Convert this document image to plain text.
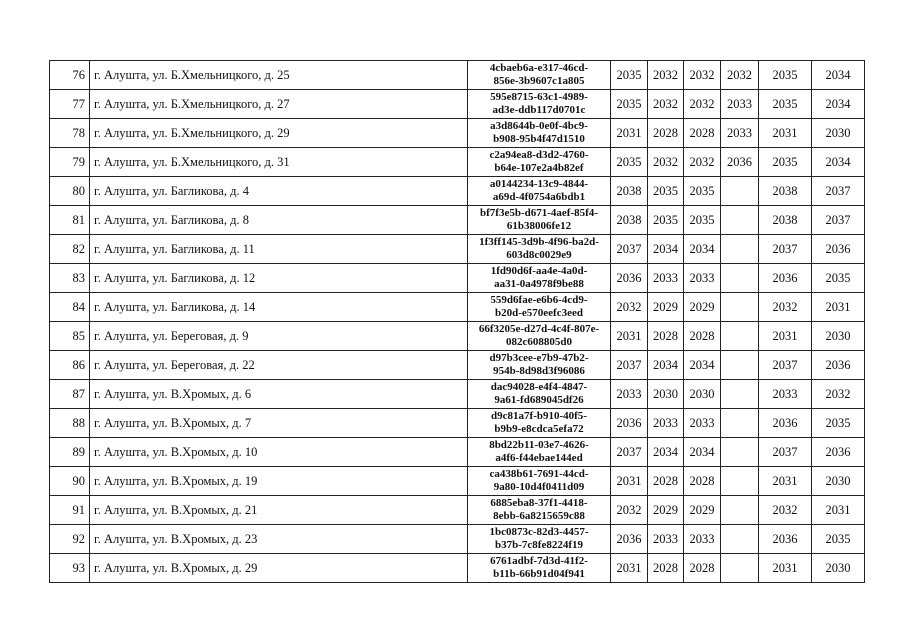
76	г. Алушта, ул. Б.Хмельницкого, д. 25	4cbaeb6a-e317-46cd-
856e-3b9607c1a805	2035	2032	2032	2032	2035	2034
77	г. Алушта, ул. Б.Хмельницкого, д. 27	595e8715-63c1-4989-
ad3e-ddb117d0701c	2035	2032	2032	2033	2035	2034
78	г. Алушта, ул. Б.Хмельницкого, д. 29	a3d8644b-0e0f-4bc9-
b908-95b4f47d1510	2031	2028	2028	2033	2031	2030
79	г. Алушта, ул. Б.Хмельницкого, д. 31	c2a94ea8-d3d2-4760-
b64e-107e2a4b82ef	2035	2032	2032	2036	2035	2034
80	г. Алушта, ул. Багликова, д. 4	a0144234-13c9-4844-
a69d-4f0754a6bdb1	2038	2035	2035		2038	2037
81	г. Алушта, ул. Багликова, д. 8	bf7f3e5b-d671-4aef-85f4-
61b38006fe12	2038	2035	2035		2038	2037
82	г. Алушта, ул. Багликова, д. 11	1f3ff145-3d9b-4f96-ba2d-
603d8c0029e9	2037	2034	2034		2037	2036
83	г. Алушта, ул. Багликова, д. 12	1fd90d6f-aa4e-4a0d-
aa31-0a4978f9be88	2036	2033	2033		2036	2035
84	г. Алушта, ул. Багликова, д. 14	559d6fae-e6b6-4cd9-
b20d-e570eefc3eed	2032	2029	2029		2032	2031
85	г. Алушта, ул. Береговая, д. 9	66f3205e-d27d-4c4f-807e-
082c608805d0	2031	2028	2028		2031	2030
86	г. Алушта, ул. Береговая, д. 22	d97b3cee-e7b9-47b2-
954b-8d98d3f96086	2037	2034	2034		2037	2036
87	г. Алушта, ул. В.Хромых, д. 6	dac94028-e4f4-4847-
9a61-fd689045df26	2033	2030	2030		2033	2032
88	г. Алушта, ул. В.Хромых, д. 7	d9c81a7f-b910-40f5-
b9b9-e8cdca5efa72	2036	2033	2033		2036	2035
89	г. Алушта, ул. В.Хромых, д. 10	8bd22b11-03e7-4626-
a4f6-f44ebae144ed	2037	2034	2034		2037	2036
90	г. Алушта, ул. В.Хромых, д. 19	ca438b61-7691-44cd-
9a80-10d4f0411d09	2031	2028	2028		2031	2030
91	г. Алушта, ул. В.Хромых, д. 21	6885eba8-37f1-4418-
8ebb-6a8215659c88	2032	2029	2029		2032	2031
92	г. Алушта, ул. В.Хромых, д. 23	1bc0873c-82d3-4457-
b37b-7c8fe8224f19	2036	2033	2033		2036	2035
93	г. Алушта, ул. В.Хромых, д. 29	6761adbf-7d3d-41f2-
b11b-66b91d04f941	2031	2028	2028		2031	2030
